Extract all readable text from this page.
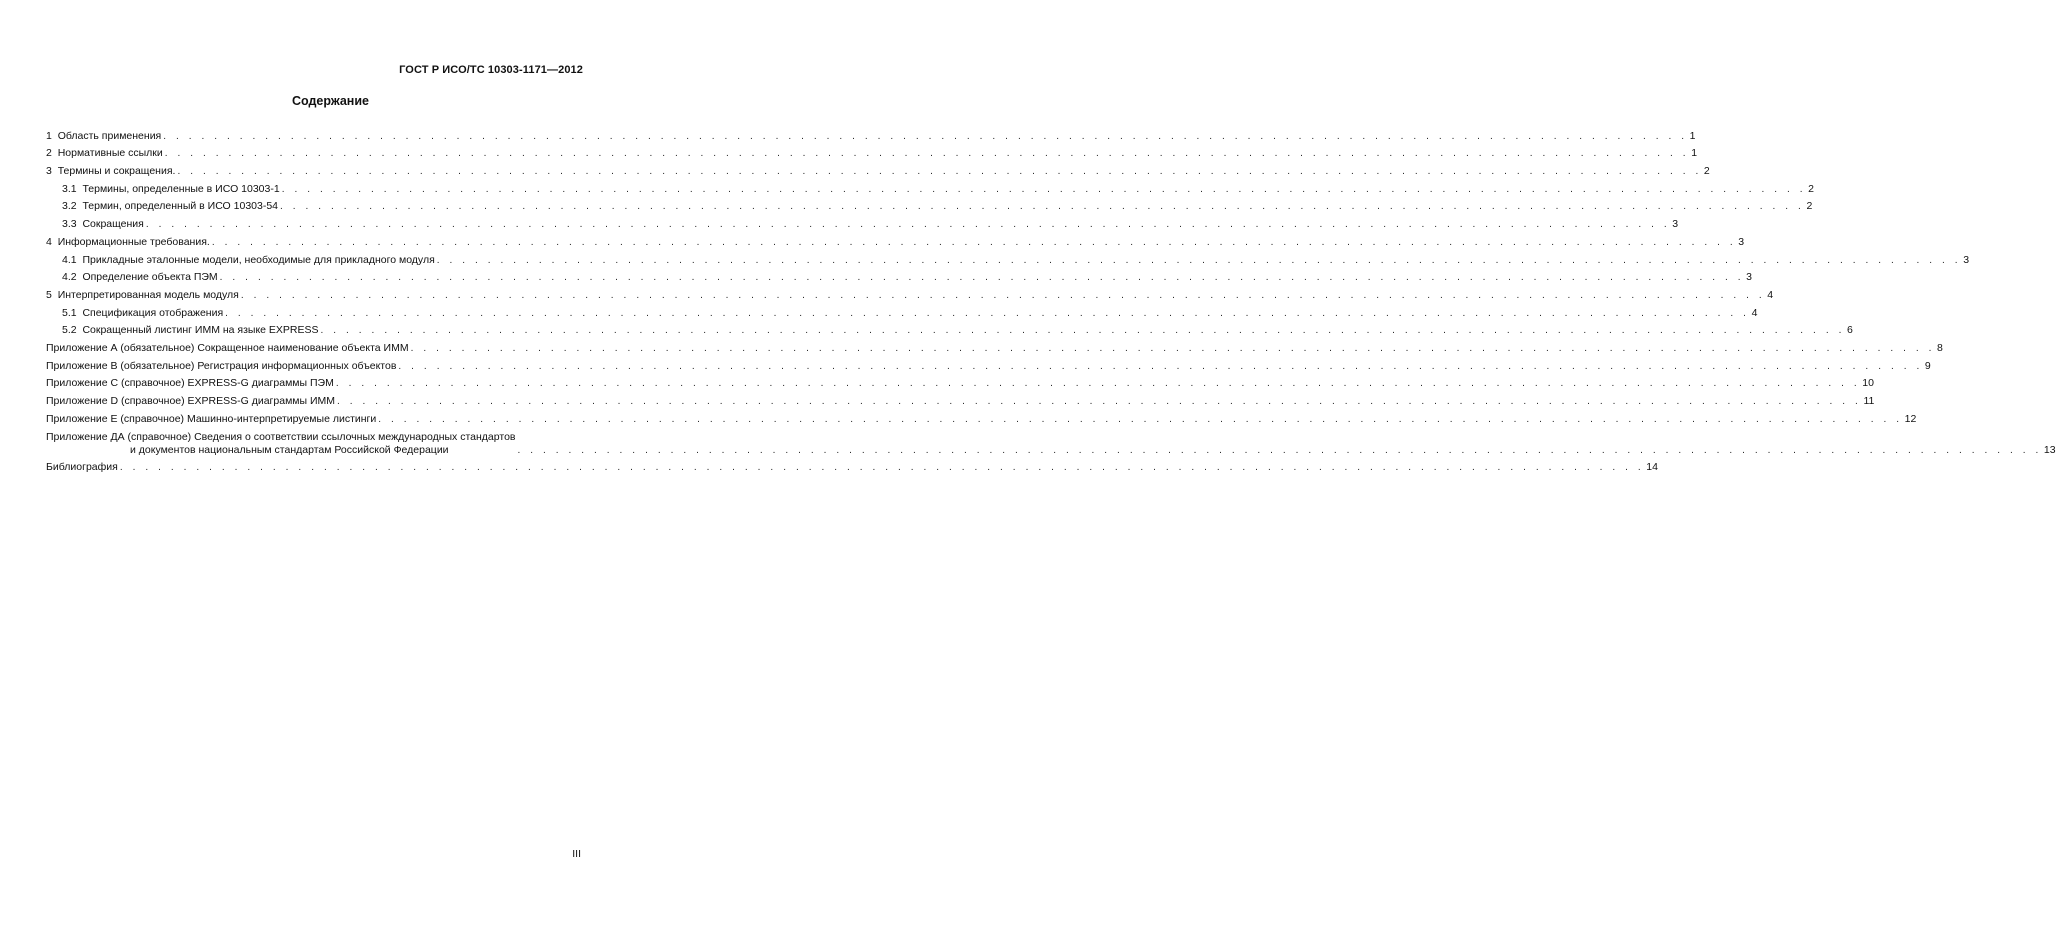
ГОСТ Р ИСО/ТС 10303-1171—2012
Содержание
1
Область применения . . . . . . . . . . . . . . . . . . . . . . . . . . . . . . . . . . . . . . . . . . . . . . . . . . . . . . . . . . . . . . . . . . . . . . . . . . . . . . . . . . . . . . . . . . . . . . . . . . . . . . . . . . . . . . . . . . . . . . . . 1
2
Нормативные ссылки . . . . . . . . . . . . . . . . . . . . . . . . . . . . . . . . . . . . . . . . . . . . . . . . . . . . . . . . . . . . . . . . . . . . . . . . . . . . . . . . . . . . . . . . . . . . . . . . . . . . . . . . . . . . . . . . . . . . . . . . 1
3
Термины и сокращения. . . . . . . . . . . . . . . . . . . . . . . . . . . . . . . . . . . . . . . . . . . . . . . . . . . . . . . . . . . . . . . . . . . . . . . . . . . . . . . . . . . . . . . . . . . . . . . . . . . . . . . . . . . . . . . . . . . . . . . . . 2
3.1
Термины, определенные в ИСО 10303-1 . . . . . . . . . . . . . . . . . . . . . . . . . . . . . . . . . . . . . . . . . . . . . . . . . . . . . . . . . . . . . . . . . . . . . . . . . . . . . . . . . . . . . . . . . . . . . . . . . . . . . . . . . . . . . . . . . . . . . . . . 2
3.2
Термин, определенный в ИСО 10303-54 . . . . . . . . . . . . . . . . . . . . . . . . . . . . . . . . . . . . . . . . . . . . . . . . . . . . . . . . . . . . . . . . . . . . . . . . . . . . . . . . . . . . . . . . . . . . . . . . . . . . . . . . . . . . . . . . . . . . . . . . 2
3.3
Сокращения . . . . . . . . . . . . . . . . . . . . . . . . . . . . . . . . . . . . . . . . . . . . . . . . . . . . . . . . . . . . . . . . . . . . . . . . . . . . . . . . . . . . . . . . . . . . . . . . . . . . . . . . . . . . . . . . . . . . . . . . 3
4
Информационные требования. . . . . . . . . . . . . . . . . . . . . . . . . . . . . . . . . . . . . . . . . . . . . . . . . . . . . . . . . . . . . . . . . . . . . . . . . . . . . . . . . . . . . . . . . . . . . . . . . . . . . . . . . . . . . . . . . . . . . . . . . 3
4.1
Прикладные эталонные модели, необходимые для прикладного модуля . . . . . . . . . . . . . . . . . . . . . . . . . . . . . . . . . . . . . . . . . . . . . . . . . . . . . . . . . . . . . . . . . . . . . . . . . . . . . . . . . . . . . . . . . . . . . . . . . . . . . . . . . . . . . . . . . . . . . . . . 3
4.2
Определение объекта ПЭМ . . . . . . . . . . . . . . . . . . . . . . . . . . . . . . . . . . . . . . . . . . . . . . . . . . . . . . . . . . . . . . . . . . . . . . . . . . . . . . . . . . . . . . . . . . . . . . . . . . . . . . . . . . . . . . . . . . . . . . . . 3
5
Интерпретированная модель модуля . . . . . . . . . . . . . . . . . . . . . . . . . . . . . . . . . . . . . . . . . . . . . . . . . . . . . . . . . . . . . . . . . . . . . . . . . . . . . . . . . . . . . . . . . . . . . . . . . . . . . . . . . . . . . . . . . . . . . . . . 4
5.1
Спецификация отображения . . . . . . . . . . . . . . . . . . . . . . . . . . . . . . . . . . . . . . . . . . . . . . . . . . . . . . . . . . . . . . . . . . . . . . . . . . . . . . . . . . . . . . . . . . . . . . . . . . . . . . . . . . . . . . . . . . . . . . . . 4
5.2
Сокращенный листинг ИММ на языке EXPRESS . . . . . . . . . . . . . . . . . . . . . . . . . . . . . . . . . . . . . . . . . . . . . . . . . . . . . . . . . . . . . . . . . . . . . . . . . . . . . . . . . . . . . . . . . . . . . . . . . . . . . . . . . . . . . . . . . . . . . . . . 6
Приложение А (обязательное) Сокращенное наименование объекта ИММ . . . . . . . . . . . . . . . . . . . . . . . . . . . . . . . . . . . . . . . . . . . . . . . . . . . . . . . . . . . . . . . . . . . . . . . . . . . . . . . . . . . . . . . . . . . . . . . . . . . . . . . . . . . . . . . . . . . . . . . . 8
Приложение В (обязательное) Регистрация информационных объектов . . . . . . . . . . . . . . . . . . . . . . . . . . . . . . . . . . . . . . . . . . . . . . . . . . . . . . . . . . . . . . . . . . . . . . . . . . . . . . . . . . . . . . . . . . . . . . . . . . . . . . . . . . . . . . . . . . . . . . . . 9
Приложение С (справочное) EXPRESS-G диаграммы ПЭМ . . . . . . . . . . . . . . . . . . . . . . . . . . . . . . . . . . . . . . . . . . . . . . . . . . . . . . . . . . . . . . . . . . . . . . . . . . . . . . . . . . . . . . . . . . . . . . . . . . . . . . . . . . . . . . . . . . . . . . . . 10
Приложение D (справочное) EXPRESS-G диаграммы ИММ . . . . . . . . . . . . . . . . . . . . . . . . . . . . . . . . . . . . . . . . . . . . . . . . . . . . . . . . . . . . . . . . . . . . . . . . . . . . . . . . . . . . . . . . . . . . . . . . . . . . . . . . . . . . . . . . . . . . . . . . 11
Приложение Е (справочное) Машинно-интерпретируемые листинги . . . . . . . . . . . . . . . . . . . . . . . . . . . . . . . . . . . . . . . . . . . . . . . . . . . . . . . . . . . . . . . . . . . . . . . . . . . . . . . . . . . . . . . . . . . . . . . . . . . . . . . . . . . . . . . . . . . . . . . . 12
Приложение ДА (справочное) Сведения о соответствии ссылочных международных стандартов
и документов национальным стандартам Российской Федерации	. . . . . . . . . . . . . . . . . . . . . . . . . . . . . . . . . . . . . . . . . . . . . . . . . . . . . . . . . . . . . . . . . . . . . . . . . . . . . . . . . . . . . . . . . . . . . . . . . . . . . . . . . . . . . . . . . . . . . . . . 13
Библиография . . . . . . . . . . . . . . . . . . . . . . . . . . . . . . . . . . . . . . . . . . . . . . . . . . . . . . . . . . . . . . . . . . . . . . . . . . . . . . . . . . . . . . . . . . . . . . . . . . . . . . . . . . . . . . . . . . . . . . . . 14
III
